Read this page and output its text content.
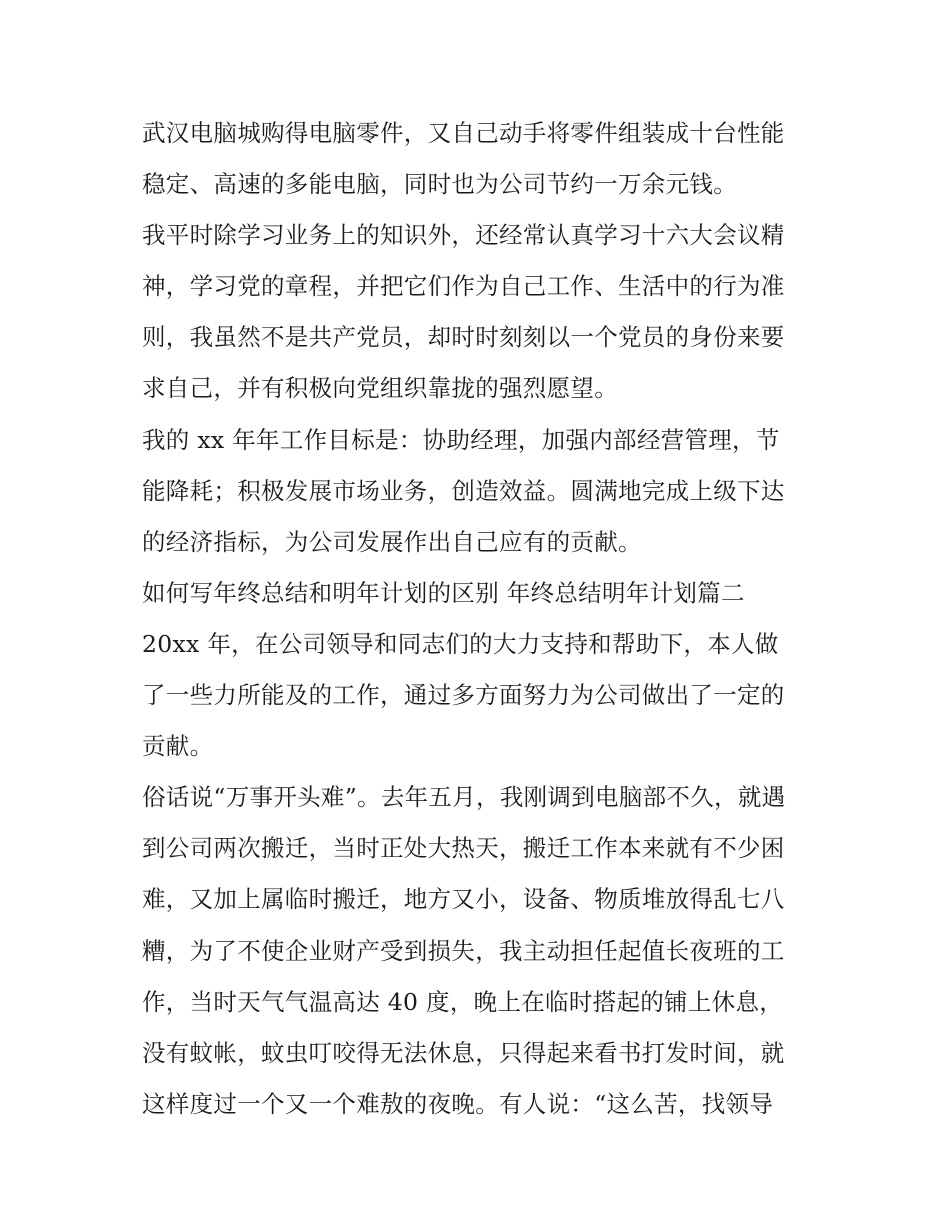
武汉电脑城购得电脑零件，又自己动手将零件组装成十台性能
稳定、高速的多能电脑，同时也为公司节约一万余元钱。
我平时除学习业务上的知识外，还经常认真学习十六大会议精
神，学习党的章程，并把它们作为自己工作、生活中的行为准
则，我虽然不是共产党员，却时时刻刻以一个党员的身份来要
求自己，并有积极向党组织靠拢的强烈愿望。
我的 xx 年年工作目标是：协助经理，加强内部经营管理，节
能降耗；积极发展市场业务，创造效益。圆满地完成上级下达
的经济指标，为公司发展作出自己应有的贡献。
如何写年终总结和明年计划的区别 年终总结明年计划篇二
20xx 年，在公司领导和同志们的大力支持和帮助下，本人做
了一些力所能及的工作，通过多方面努力为公司做出了一定的
贡献。
俗话说“万事开头难”。去年五月，我刚调到电脑部不久，就遇
到公司两次搬迁，当时正处大热天，搬迁工作本来就有不少困
难，又加上属临时搬迁，地方又小，设备、物质堆放得乱七八
糟，为了不使企业财产受到损失，我主动担任起值长夜班的工
作，当时天气气温高达 40 度，晚上在临时搭起的铺上休息，
没有蚊帐，蚊虫叮咬得无法休息，只得起来看书打发时间，就
这样度过一个又一个难敖的夜晚。有人说：“这么苦，找领导
